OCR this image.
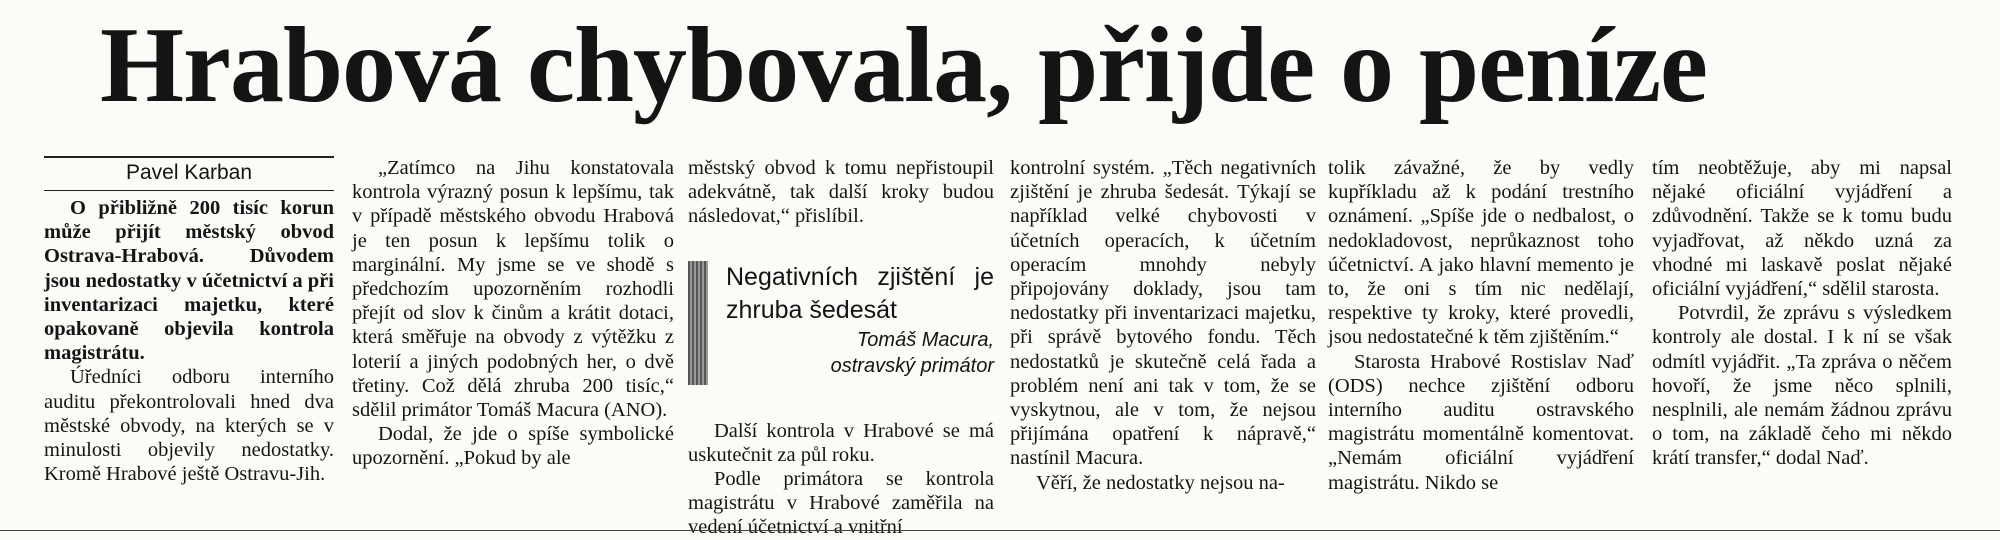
Hrabová chybovala, přijde o peníze
Pavel Karban

O přibližně 200 tisíc korun může přijít městský obvod Ostrava-Hrabová. Důvodem jsou nedostatky v účetnictví a při inventarizaci majetku, které opakovaně objevila kontrola magistrátu.

Úředníci odboru interního auditu překontrolovali hned dva městské obvody, na kterých se v minulosti objevily nedostatky. Kromě Hrabové ještě Ostravu-Jih.

„Zatímco na Jihu konstatovala kontrola výrazný posun k lepšímu, tak v případě městského obvodu Hrabová je ten posun k lepšímu tolik o marginální. My jsme se ve shodě s předchozím upozorněním rozhodli přejít od slov k činům a krátit dotaci, která směřuje na obvody z výtěžku z loterií a jiných podobných her, o dvě třetiny. Což dělá zhruba 200 tisíc,“ sdělil primátor Tomáš Macura (ANO).

Dodal, že jde o spíše symbolické upozornění. „Pokud by ale

městský obvod k tomu nepřistoupil adekvátně, tak další kroky budou následovat,“ přislíbil.

Negativních zjištění je zhruba šedesát
Tomáš Macura,
ostravský primátor

Další kontrola v Hrabové se má uskutečnit za půl roku.

Podle primátora se kontrola magistrátu v Hrabové zaměřila na vedení účetnictví a vnitřní

kontrolní systém. „Těch negativních zjištění je zhruba šedesát. Týkají se například velké chybovosti v účetních operacích, k účetním operacím mnohdy nebyly připojovány doklady, jsou tam nedostatky při inventarizaci majetku, při správě bytového fondu. Těch nedostatků je skutečně celá řada a problém není ani tak v tom, že se vyskytnou, ale v tom, že nejsou přijímána opatření k nápravě,“ nastínil Macura.

Věří, že nedostatky nejsou na-

tolik závažné, že by vedly kupříkladu až k podání trestního oznámení. „Spíše jde o nedbalost, o nedokladovost, neprůkaznost toho účetnictví. A jako hlavní memento je to, že oni s tím nic nedělají, respektive ty kroky, které provedli, jsou nedostatečné k těm zjištěním.“

Starosta Hrabové Rostislav Naď (ODS) nechce zjištění odboru interního auditu ostravského magistrátu momentálně komentovat. „Nemám oficiální vyjádření magistrátu. Nikdo se

tím neobtěžuje, aby mi napsal nějaké oficiální vyjádření a zdůvodnění. Takže se k tomu budu vyjadřovat, až někdo uzná za vhodné mi laskavě poslat nějaké oficiální vyjádření,“ sdělil starosta.

Potvrdil, že zprávu s výsledkem kontroly ale dostal. I k ní se však odmítl vyjádřit. „Ta zpráva o něčem hovoří, že jsme něco splnili, nesplnili, ale nemám žádnou zprávu o tom, na základě čeho mi někdo krátí transfer,“ dodal Naď.
